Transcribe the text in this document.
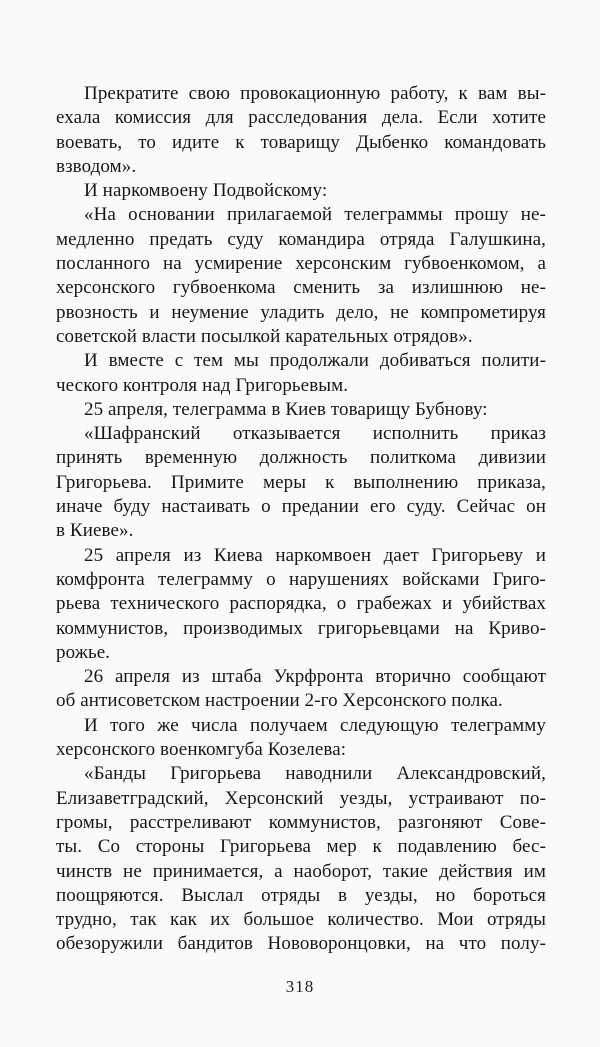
Прекратите свою провокационную работу, к вам вы-
ехала комиссия для расследования дела. Если хотите
воевать, то идите к товарищу Дыбенко командовать
взводом».
И наркомвоену Подвойскому:
«На основании прилагаемой телеграммы прошу не-
медленно предать суду командира отряда Галушкина,
посланного на усмирение херсонским губвоенкомом, а
херсонского губвоенкома сменить за излишнюю не-
рвозность и неумение уладить дело, не компрометируя
советской власти посылкой карательных отрядов».
И вместе с тем мы продолжали добиваться полити-
ческого контроля над Григорьевым.
25 апреля, телеграмма в Киев товарищу Бубнову:
«Шафранский отказывается исполнить приказ
принять временную должность политкома дивизии
Григорьева. Примите меры к выполнению приказа,
иначе буду настаивать о предании его суду. Сейчас он
в Киеве».
25 апреля из Киева наркомвоен дает Григорьеву и
комфронта телеграмму о нарушениях войсками Григо-
рьева технического распорядка, о грабежах и убийствах
коммунистов, производимых григорьевцами на Криво-
рожье.
26 апреля из штаба Укрфронта вторично сообщают
об антисоветском настроении 2-го Херсонского полка.
И того же числа получаем следующую телеграмму
херсонского военкомгуба Козелева:
«Банды Григорьева наводнили Александровский,
Елизаветградский, Херсонский уезды, устраивают по-
громы, расстреливают коммунистов, разгоняют Сове-
ты. Со стороны Григорьева мер к подавлению бес-
чинств не принимается, а наоборот, такие действия им
поощряются. Выслал отряды в уезды, но бороться
трудно, так как их большое количество. Мои отряды
обезоружили бандитов Нововоронцовки, на что полу-
318
